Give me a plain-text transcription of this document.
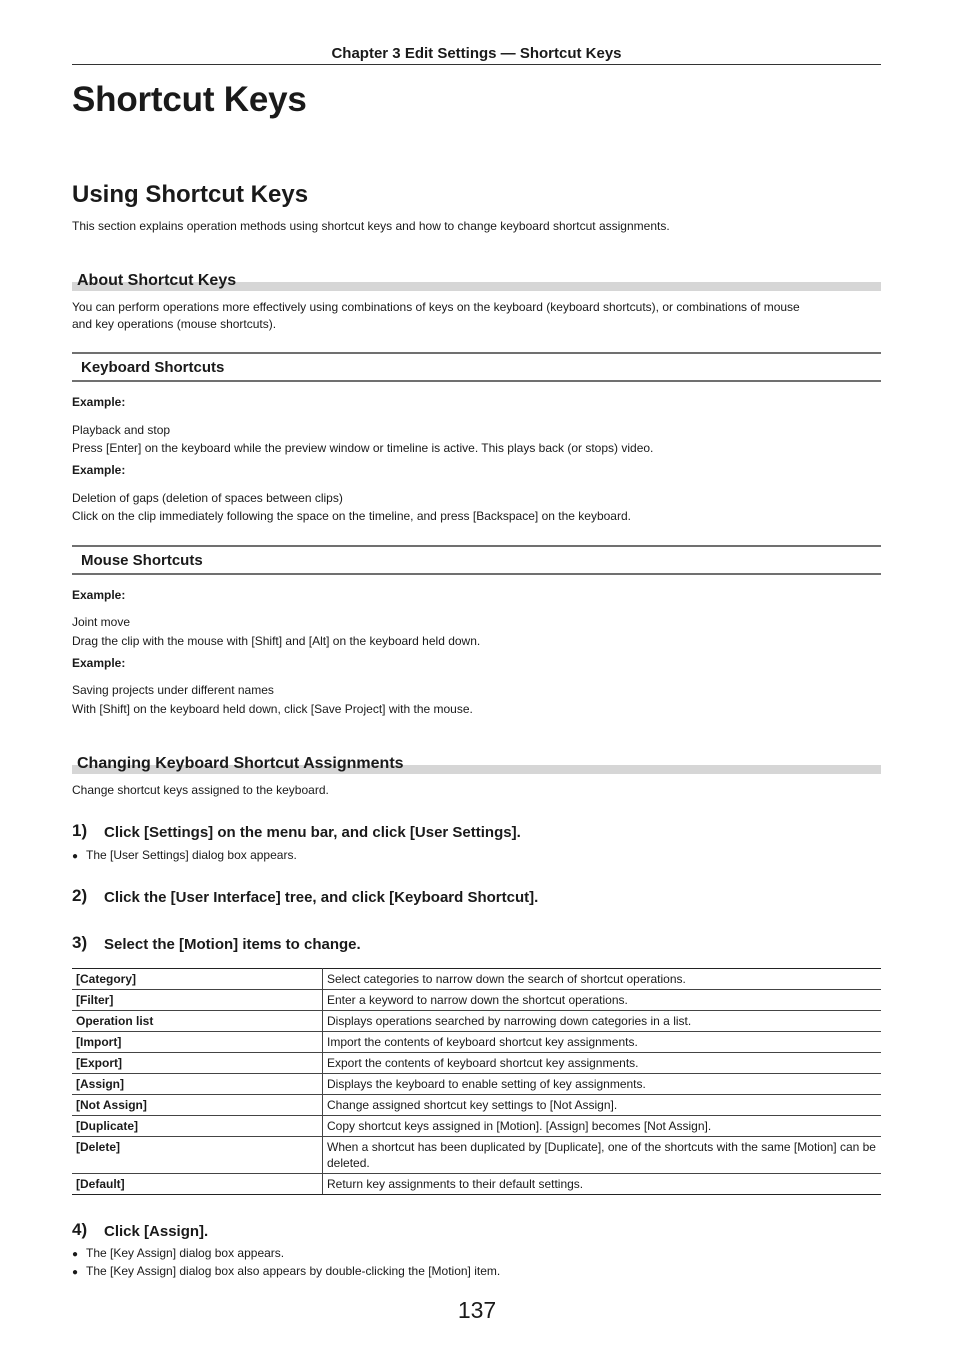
Chapter 3 Edit Settings — Shortcut Keys
Shortcut Keys
Using Shortcut Keys
This section explains operation methods using shortcut keys and how to change keyboard shortcut assignments.
About Shortcut Keys
You can perform operations more effectively using combinations of keys on the keyboard (keyboard shortcuts), or combinations of mouse
and key operations (mouse shortcuts).
Keyboard Shortcuts
Example:
Playback and stop
Press [Enter] on the keyboard while the preview window or timeline is active. This plays back (or stops) video.
Example:
Deletion of gaps (deletion of spaces between clips)
Click on the clip immediately following the space on the timeline, and press [Backspace] on the keyboard.
Mouse Shortcuts
Example:
Joint move
Drag the clip with the mouse with [Shift] and [Alt] on the keyboard held down.
Example:
Saving projects under different names
With [Shift] on the keyboard held down, click [Save Project] with the mouse.
Changing Keyboard Shortcut Assignments
Change shortcut keys assigned to the keyboard.
1) Click [Settings] on the menu bar, and click [User Settings].
● The [User Settings] dialog box appears.
2) Click the [User Interface] tree, and click [Keyboard Shortcut].
3) Select the [Motion] items to change.
[Category]	Select categories to narrow down the search of shortcut operations.
[Filter]	Enter a keyword to narrow down the shortcut operations.
Operation list	Displays operations searched by narrowing down categories in a list.
[Import]	Import the contents of keyboard shortcut key assignments.
[Export]	Export the contents of keyboard shortcut key assignments.
[Assign]	Displays the keyboard to enable setting of key assignments.
[Not Assign]	Change assigned shortcut key settings to [Not Assign].
[Duplicate]	Copy shortcut keys assigned in [Motion]. [Assign] becomes [Not Assign].
[Delete]	When a shortcut has been duplicated by [Duplicate], one of the shortcuts with the same [Motion] can be deleted.
[Default]	Return key assignments to their default settings.
4) Click [Assign].
● The [Key Assign] dialog box appears.
● The [Key Assign] dialog box also appears by double-clicking the [Motion] item.
137
